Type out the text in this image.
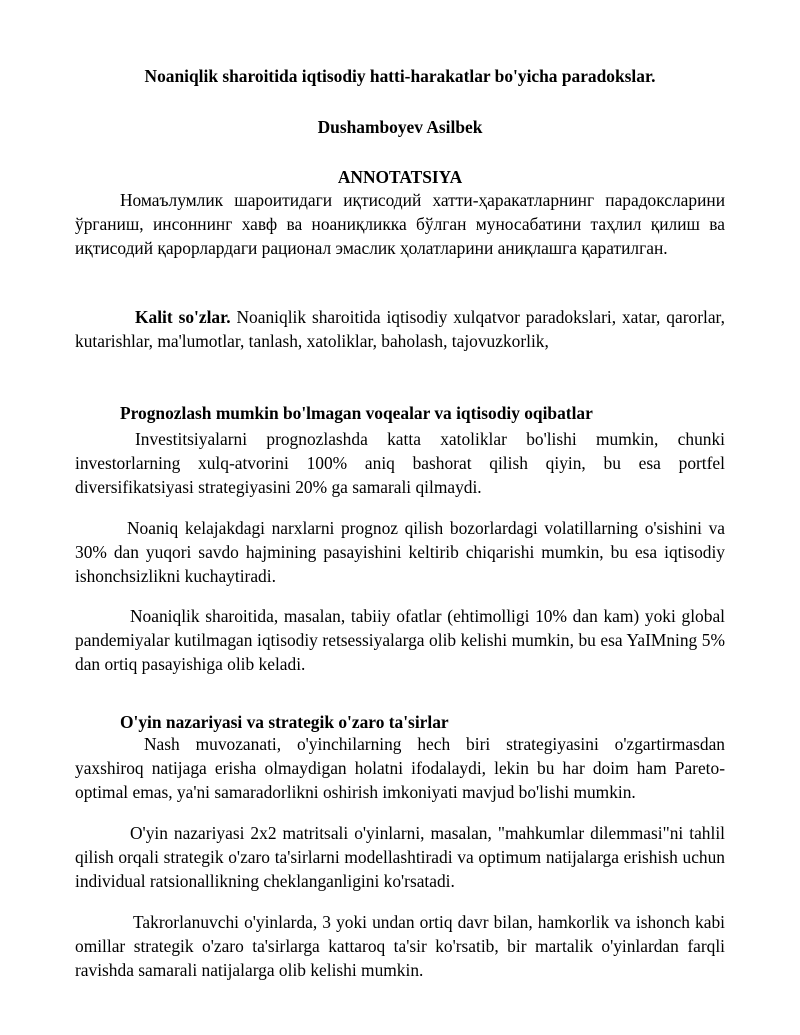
Noaniqlik sharoitida iqtisodiy hatti-harakatlar bo'yicha paradokslar.

Dushamboyev Asilbek

ANNOTATSIYA

Номаълумлик шароитидаги иқтисодий хатти-ҳаракатларнинг парадоксларини ўрганиш, инсоннинг хавф ва ноаниқликка бўлган муносабатини таҳлил қилиш ва иқтисодий қарорлардаги рационал эмаслик ҳолатларини аниқлашга қаратилган.

Kalit so'zlar. Noaniqlik sharoitida iqtisodiy xulqatvor paradokslari, xatar, qarorlar, kutarishlar, ma'lumotlar, tanlash, xatoliklar, baholash, tajovuzkorlik,

Prognozlash mumkin bo'lmagan voqealar va iqtisodiy oqibatlar

Investitsiyalarni prognozlashda katta xatoliklar bo'lishi mumkin, chunki investorlarning xulq-atvorini 100% aniq bashorat qilish qiyin, bu esa portfel diversifikatsiyasi strategiyasini 20% ga samarali qilmaydi.

Noaniq kelajakdagi narxlarni prognoz qilish bozorlardagi volatillarning o'sishini va 30% dan yuqori savdo hajmining pasayishini keltirib chiqarishi mumkin, bu esa iqtisodiy ishonchsizlikni kuchaytiradi.

Noaniqlik sharoitida, masalan, tabiiy ofatlar (ehtimolligi 10% dan kam) yoki global pandemiyalar kutilmagan iqtisodiy retsessiyalarga olib kelishi mumkin, bu esa YaIMning 5% dan ortiq pasayishiga olib keladi.

O'yin nazariyasi va strategik o'zaro ta'sirlar

Nash muvozanati, o'yinchilarning hech biri strategiyasini o'zgartirmasdan yaxshiroq natijaga erisha olmaydigan holatni ifodalaydi, lekin bu har doim ham Pareto-optimal emas, ya'ni samaradorlikni oshirish imkoniyati mavjud bo'lishi mumkin.

O'yin nazariyasi 2x2 matritsali o'yinlarni, masalan, "mahkumlar dilemmasi"ni tahlil qilish orqali strategik o'zaro ta'sirlarni modellashtiradi va optimum natijalarga erishish uchun individual ratsionallikning cheklanganligini ko'rsatadi.

Takrorlanuvchi o'yinlarda, 3 yoki undan ortiq davr bilan, hamkorlik va ishonch kabi omillar strategik o'zaro ta'sirlarga kattaroq ta'sir ko'rsatib, bir martalik o'yinlardan farqli ravishda samarali natijalarga olib kelishi mumkin.
